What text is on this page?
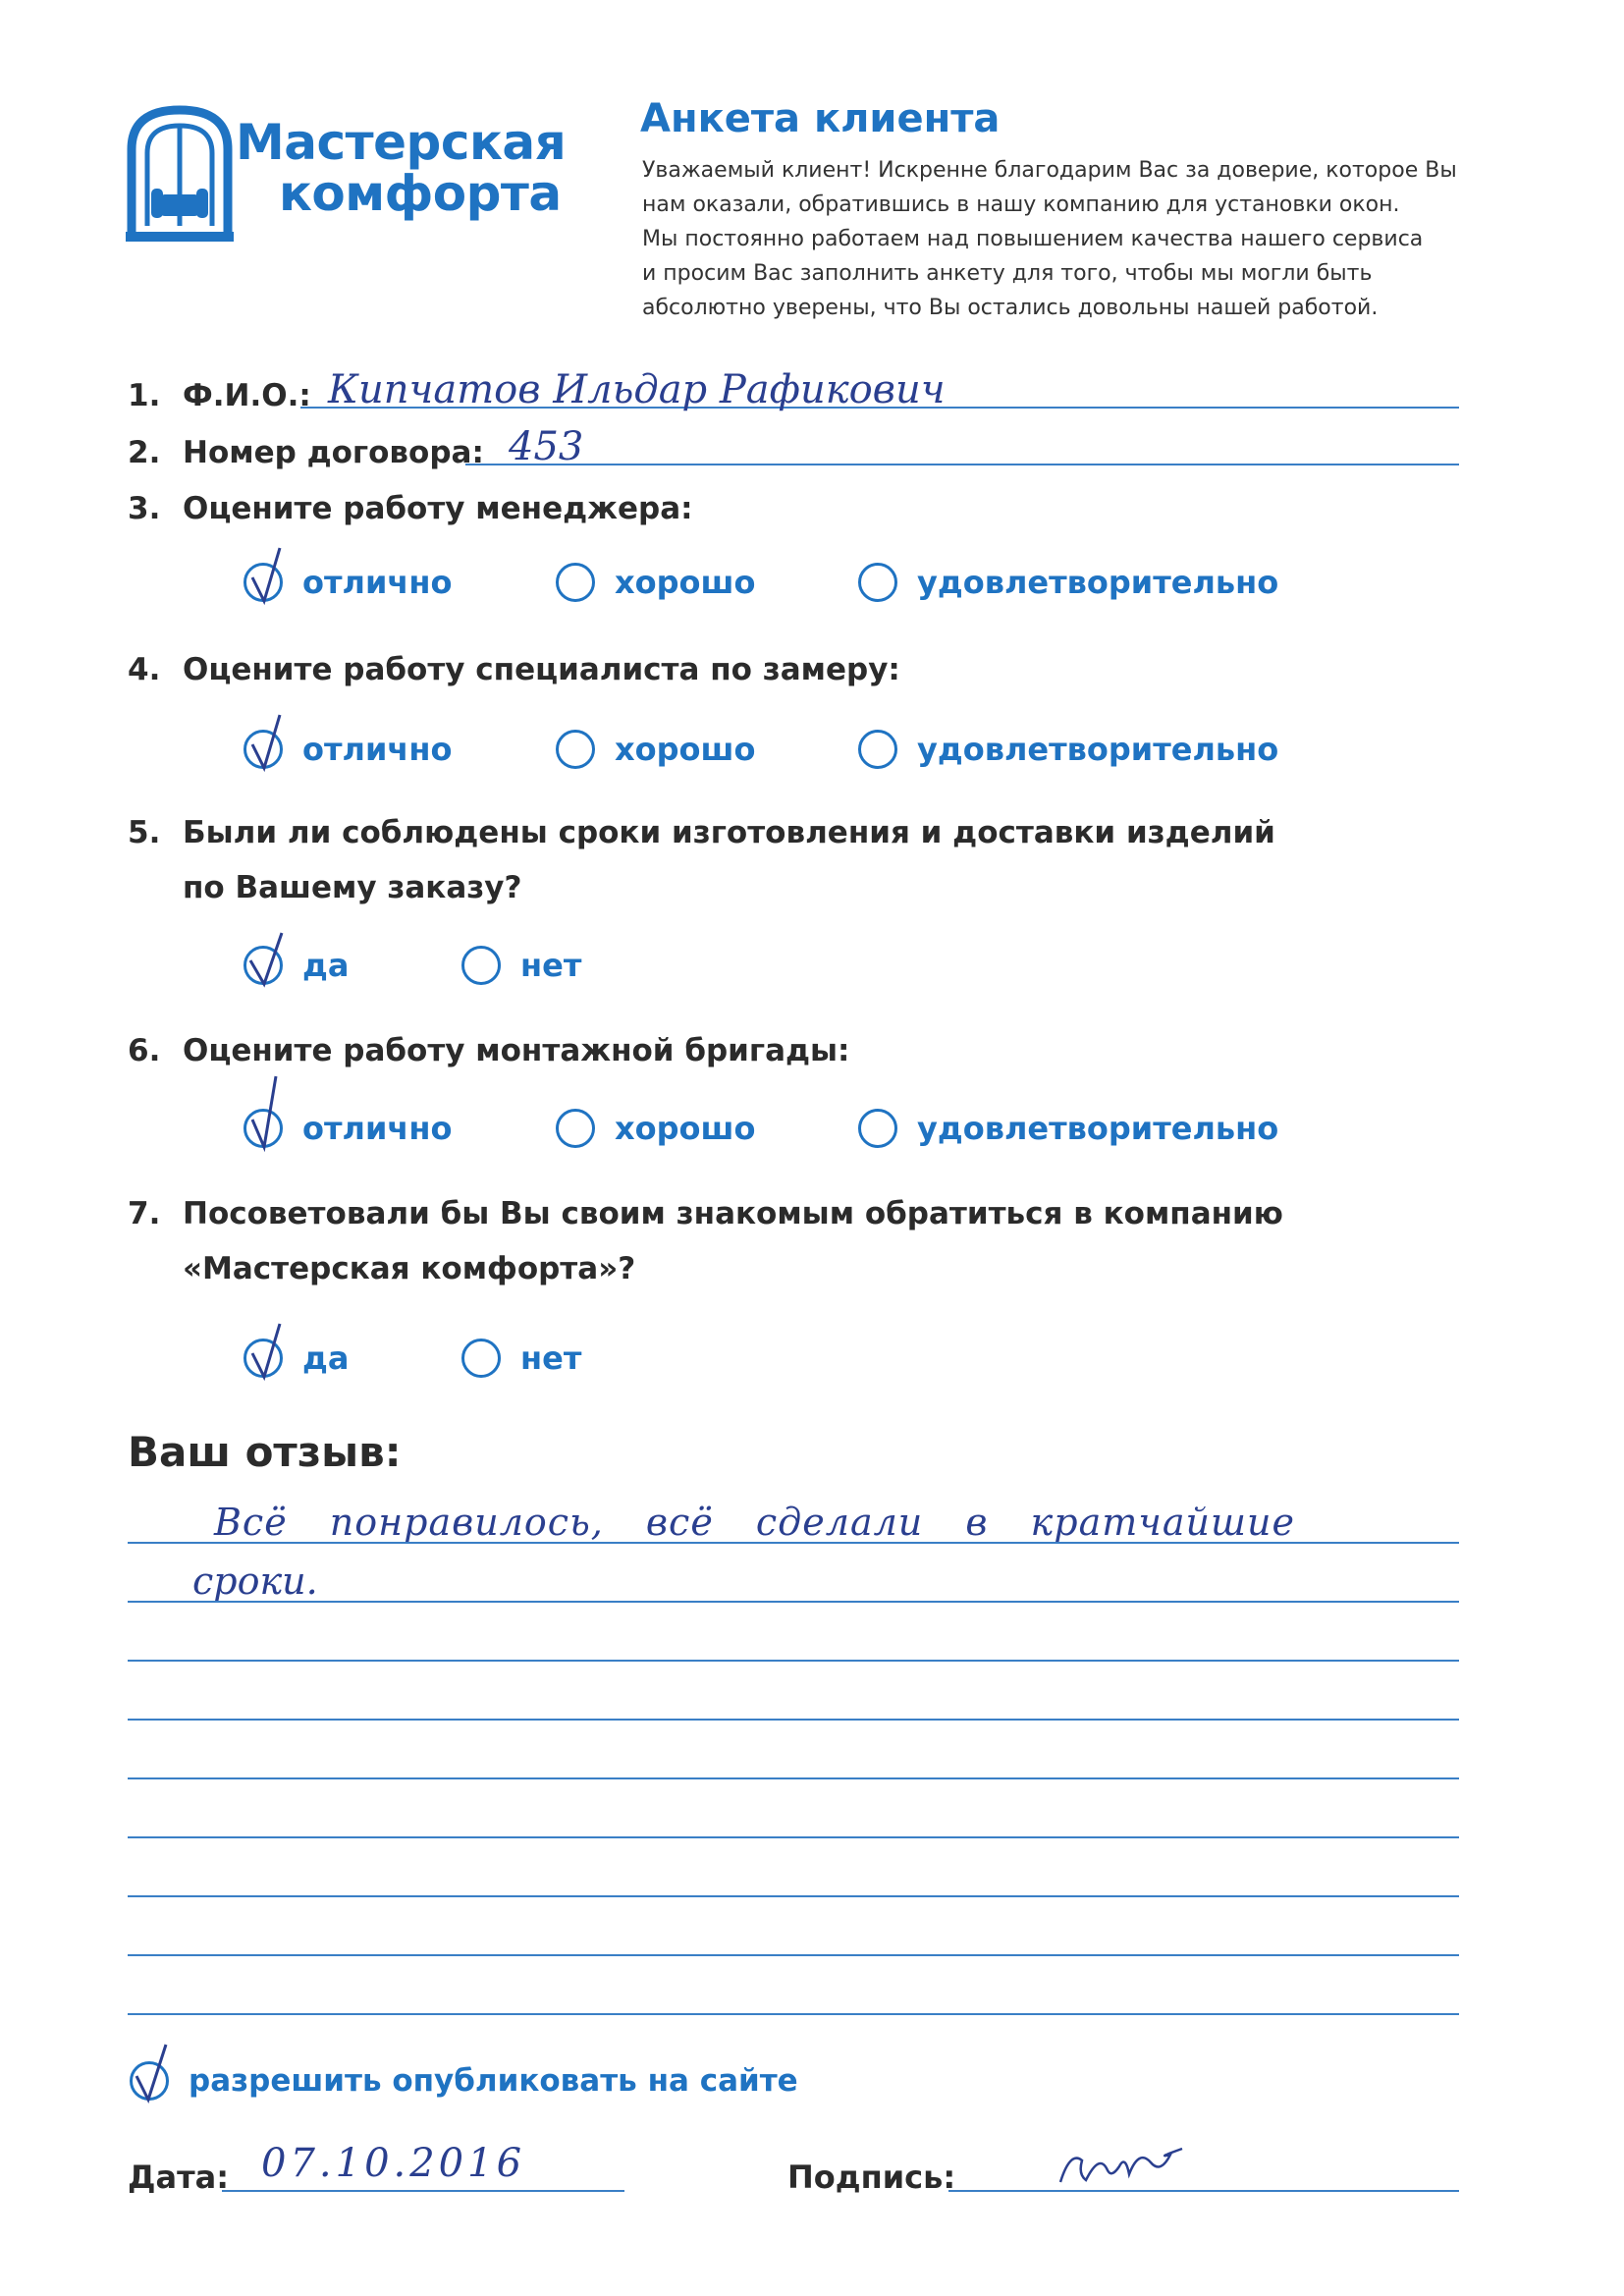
Мастерская
комфорта
Анкета клиента
Уважаемый клиент! Искренне благодарим Вас за доверие, которое Вы
нам оказали, обратившись в нашу компанию для установки окон.
Мы постоянно работаем над повышением качества нашего сервиса
и просим Вас заполнить анкету для того, чтобы мы могли быть
абсолютно уверены, что Вы остались довольны нашей работой.
1. Ф.И.О.: Кипчатов Ильдар Рафикович
2. Номер договора: 453
3. Оцените работу менеджера:
отлично	хорошо	удовлетворительно
4. Оцените работу специалиста по замеру:
отлично	хорошо	удовлетворительно
5. Были ли соблюдены сроки изготовления и доставки изделий
по Вашему заказу?
да	нет
6. Оцените работу монтажной бригады:
отлично	хорошо	удовлетворительно
7. Посоветовали бы Вы своим знакомым обратиться в компанию
«Мастерская комфорта»?
да	нет
Ваш отзыв:
Всё понравилось, всё сделали в кратчайшие
сроки.
разрешить опубликовать на сайте
Дата: 07.10.2016	Подпись:
